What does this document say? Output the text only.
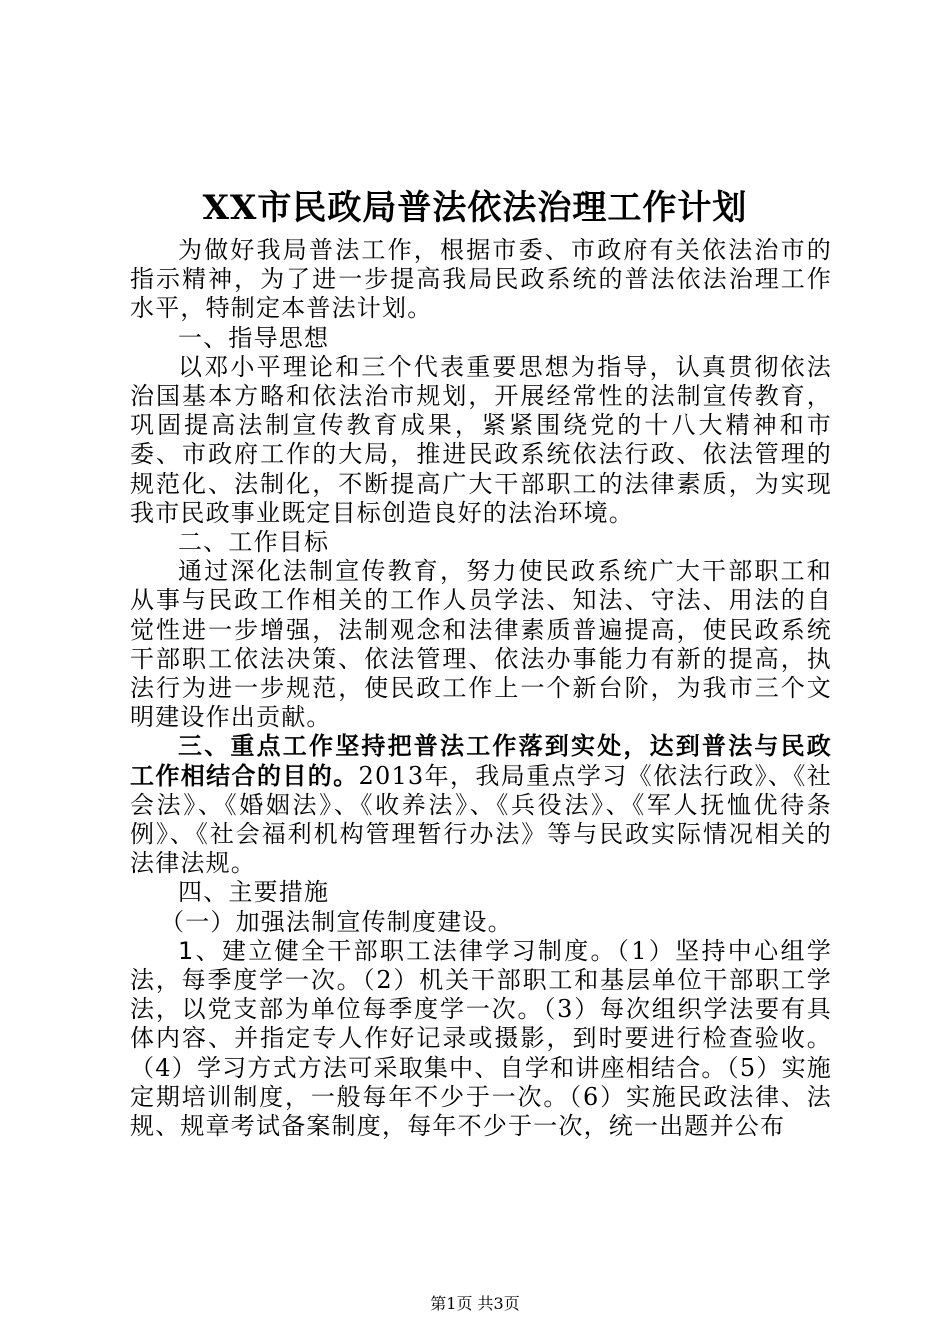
XX市民政局普法依法治理工作计划

为做好我局普法工作，根据市委、市政府有关依法治市的指示精神，为了进一步提高我局民政系统的普法依法治理工作水平，特制定本普法计划。

一、指导思想

以邓小平理论和三个代表重要思想为指导，认真贯彻依法治国基本方略和依法治市规划，开展经常性的法制宣传教育，巩固提高法制宣传教育成果，紧紧围绕党的十八大精神和市委、市政府工作的大局，推进民政系统依法行政、依法管理的规范化、法制化，不断提高广大干部职工的法律素质，为实现我市民政事业既定目标创造良好的法治环境。

二、工作目标

通过深化法制宣传教育，努力使民政系统广大干部职工和从事与民政工作相关的工作人员学法、知法、守法、用法的自觉性进一步增强，法制观念和法律素质普遍提高，使民政系统干部职工依法决策、依法管理、依法办事能力有新的提高，执法行为进一步规范，使民政工作上一个新台阶，为我市三个文明建设作出贡献。

三、重点工作坚持把普法工作落到实处，达到普法与民政工作相结合的目的。2013年，我局重点学习《依法行政》、《社会法》、《婚姻法》、《收养法》、《兵役法》、《军人抚恤优待条例》、《社会福利机构管理暂行办法》等与民政实际情况相关的法律法规。

四、主要措施

（一）加强法制宣传制度建设。

1、建立健全干部职工法律学习制度。（1）坚持中心组学法，每季度学一次。（2）机关干部职工和基层单位干部职工学法，以党支部为单位每季度学一次。（3）每次组织学法要有具体内容、并指定专人作好记录或摄影，到时要进行检查验收。（4）学习方式方法可采取集中、自学和讲座相结合。（5）实施定期培训制度，一般每年不少于一次。（6）实施民政法律、法规、规章考试备案制度，每年不少于一次，统一出题并公布

第1页 共3页
